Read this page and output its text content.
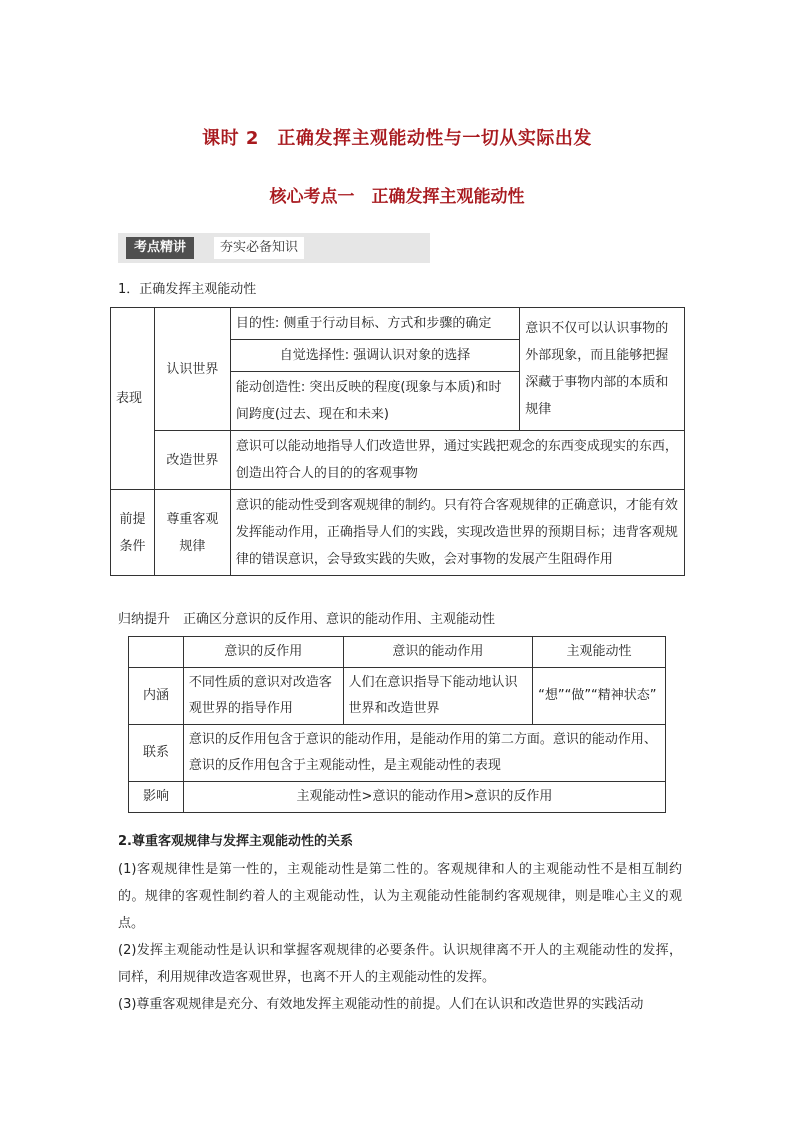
课时 2　正确发挥主观能动性与一切从实际出发
核心考点一　正确发挥主观能动性
考点精讲	夯实必备知识
1．正确发挥主观能动性
表现	认识世界	目的性: 侧重于行动目标、方式和步骤的确定	意识不仅可以认识事物的外部现象，而且能够把握深藏于事物内部的本质和规律
		自觉选择性: 强调认识对象的选择	
		能动创造性: 突出反映的程度(现象与本质)和时间跨度(过去、现在和未来)	
	改造世界	意识可以能动地指导人们改造世界，通过实践把观念的东西变成现实的东西，创造出符合人的目的的客观事物	
前提条件	尊重客观规律	意识的能动性受到客观规律的制约。只有符合客观规律的正确意识，才能有效发挥能动作用，正确指导人们的实践，实现改造世界的预期目标；违背客观规律的错误意识，会导致实践的失败，会对事物的发展产生阻碍作用	
归纳提升　正确区分意识的反作用、意识的能动作用、主观能动性
	意识的反作用	意识的能动作用	主观能动性
内涵	不同性质的意识对改造客观世界的指导作用	人们在意识指导下能动地认识世界和改造世界	“想”“做”“精神状态”
联系	意识的反作用包含于意识的能动作用，是能动作用的第二方面。意识的能动作用、意识的反作用包含于主观能动性，是主观能动性的表现		
影响	主观能动性>意识的能动作用>意识的反作用		
2.尊重客观规律与发挥主观能动性的关系
(1)客观规律性是第一性的，主观能动性是第二性的。客观规律和人的主观能动性不是相互制约的。规律的客观性制约着人的主观能动性，认为主观能动性能制约客观规律，则是唯心主义的观点。
(2)发挥主观能动性是认识和掌握客观规律的必要条件。认识规律离不开人的主观能动性的发挥，同样，利用规律改造客观世界，也离不开人的主观能动性的发挥。
(3)尊重客观规律是充分、有效地发挥主观能动性的前提。人们在认识和改造世界的实践活动
